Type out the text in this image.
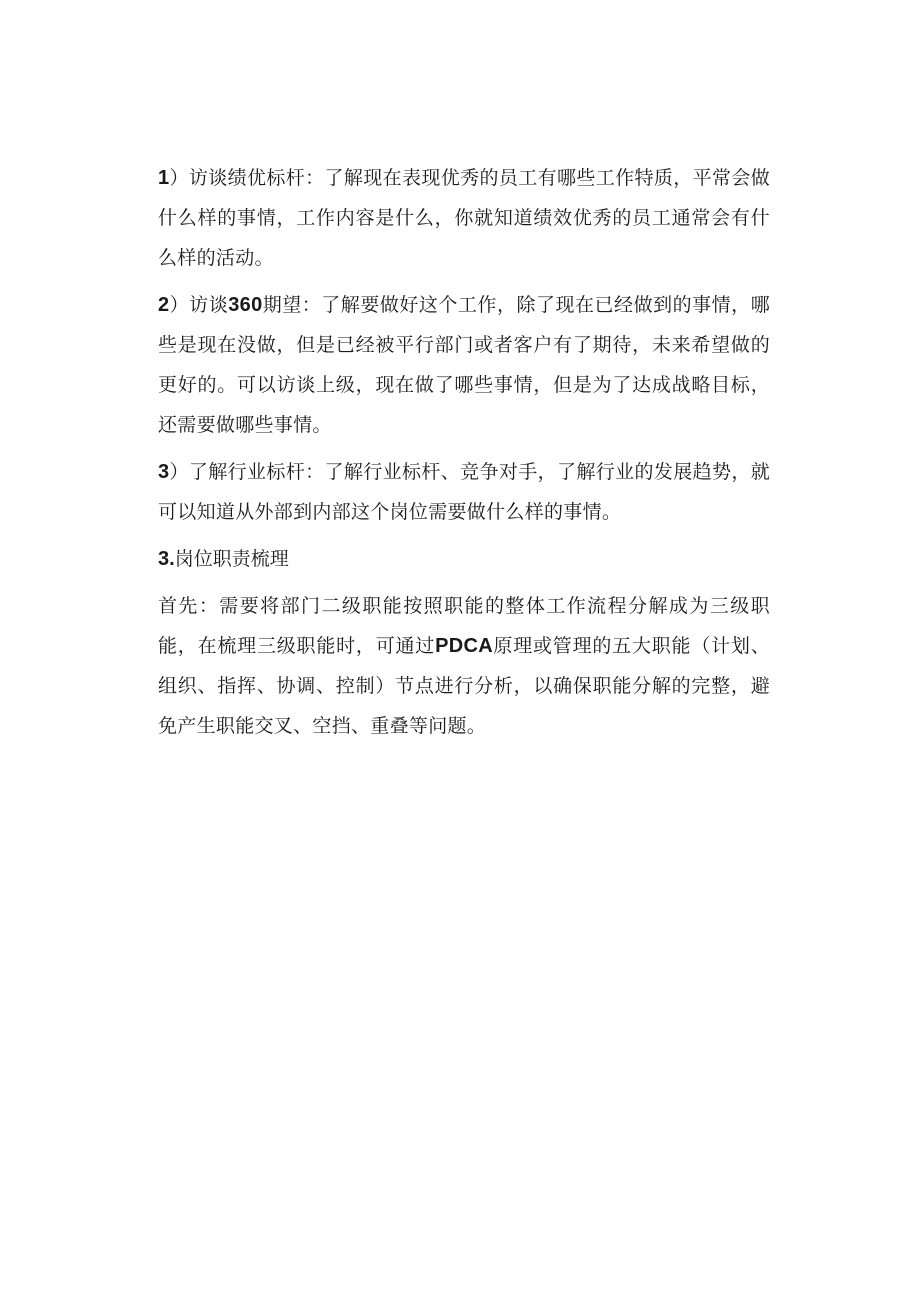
1）访谈绩优标杆：了解现在表现优秀的员工有哪些工作特质，平常会做什么样的事情，工作内容是什么，你就知道绩效优秀的员工通常会有什么样的活动。

2）访谈360期望：了解要做好这个工作，除了现在已经做到的事情，哪些是现在没做，但是已经被平行部门或者客户有了期待，未来希望做的更好的。可以访谈上级，现在做了哪些事情，但是为了达成战略目标，还需要做哪些事情。

3）了解行业标杆：了解行业标杆、竞争对手，了解行业的发展趋势，就可以知道从外部到内部这个岗位需要做什么样的事情。

3.岗位职责梳理

首先：需要将部门二级职能按照职能的整体工作流程分解成为三级职能，在梳理三级职能时，可通过PDCA原理或管理的五大职能（计划、组织、指挥、协调、控制）节点进行分析，以确保职能分解的完整，避免产生职能交叉、空挡、重叠等问题。
